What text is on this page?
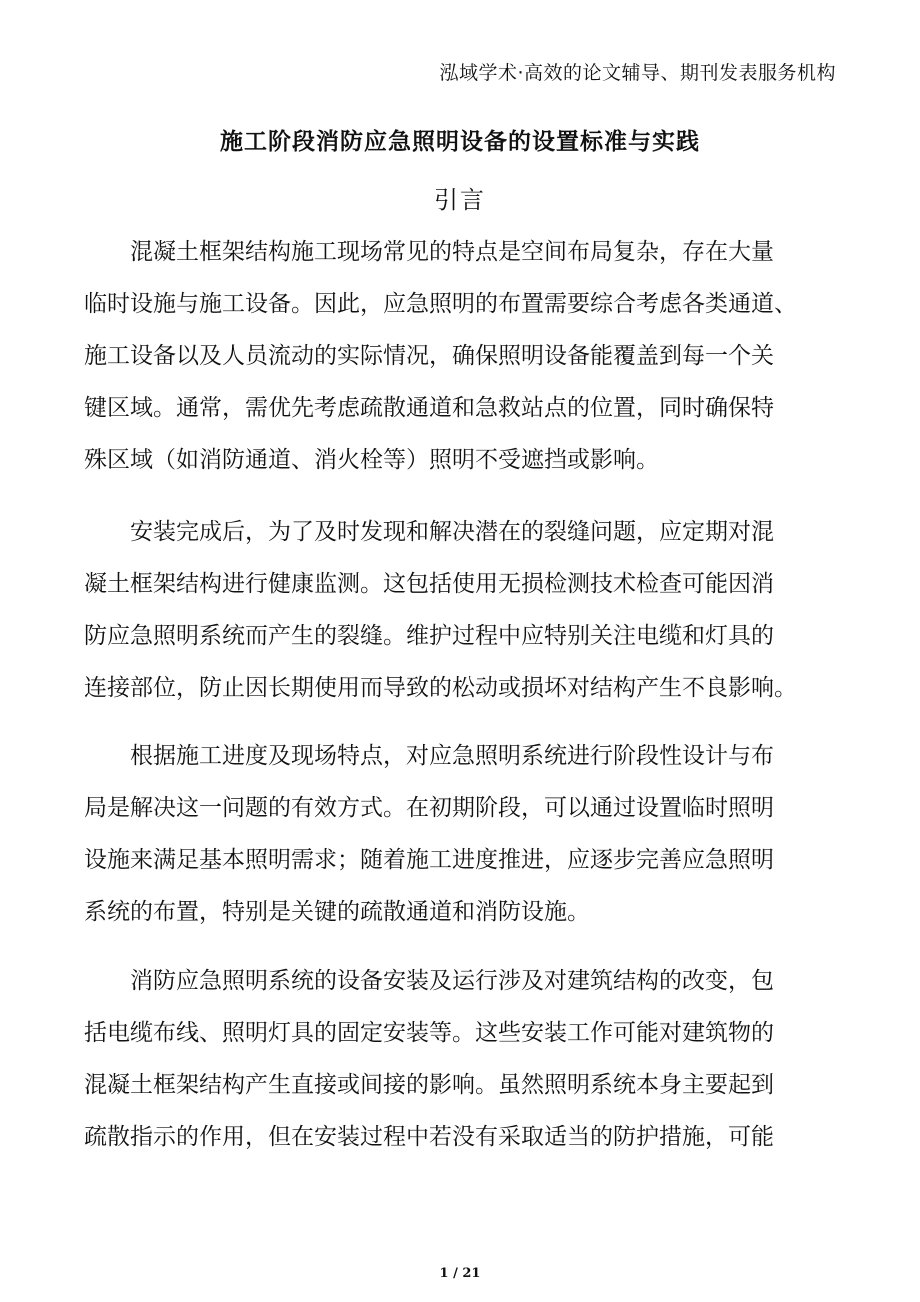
泓域学术·高效的论文辅导、期刊发表服务机构
施工阶段消防应急照明设备的设置标准与实践
引言
　　混凝土框架结构施工现场常见的特点是空间布局复杂，存在大量
临时设施与施工设备。因此，应急照明的布置需要综合考虑各类通道、
施工设备以及人员流动的实际情况，确保照明设备能覆盖到每一个关
键区域。通常，需优先考虑疏散通道和急救站点的位置，同时确保特
殊区域（如消防通道、消火栓等）照明不受遮挡或影响。
　　安装完成后，为了及时发现和解决潜在的裂缝问题，应定期对混
凝土框架结构进行健康监测。这包括使用无损检测技术检查可能因消
防应急照明系统而产生的裂缝。维护过程中应特别关注电缆和灯具的
连接部位，防止因长期使用而导致的松动或损坏对结构产生不良影响。
　　根据施工进度及现场特点，对应急照明系统进行阶段性设计与布
局是解决这一问题的有效方式。在初期阶段，可以通过设置临时照明
设施来满足基本照明需求；随着施工进度推进，应逐步完善应急照明
系统的布置，特别是关键的疏散通道和消防设施。
　　消防应急照明系统的设备安装及运行涉及对建筑结构的改变，包
括电缆布线、照明灯具的固定安装等。这些安装工作可能对建筑物的
混凝土框架结构产生直接或间接的影响。虽然照明系统本身主要起到
疏散指示的作用，但在安装过程中若没有采取适当的防护措施，可能
1 / 21
